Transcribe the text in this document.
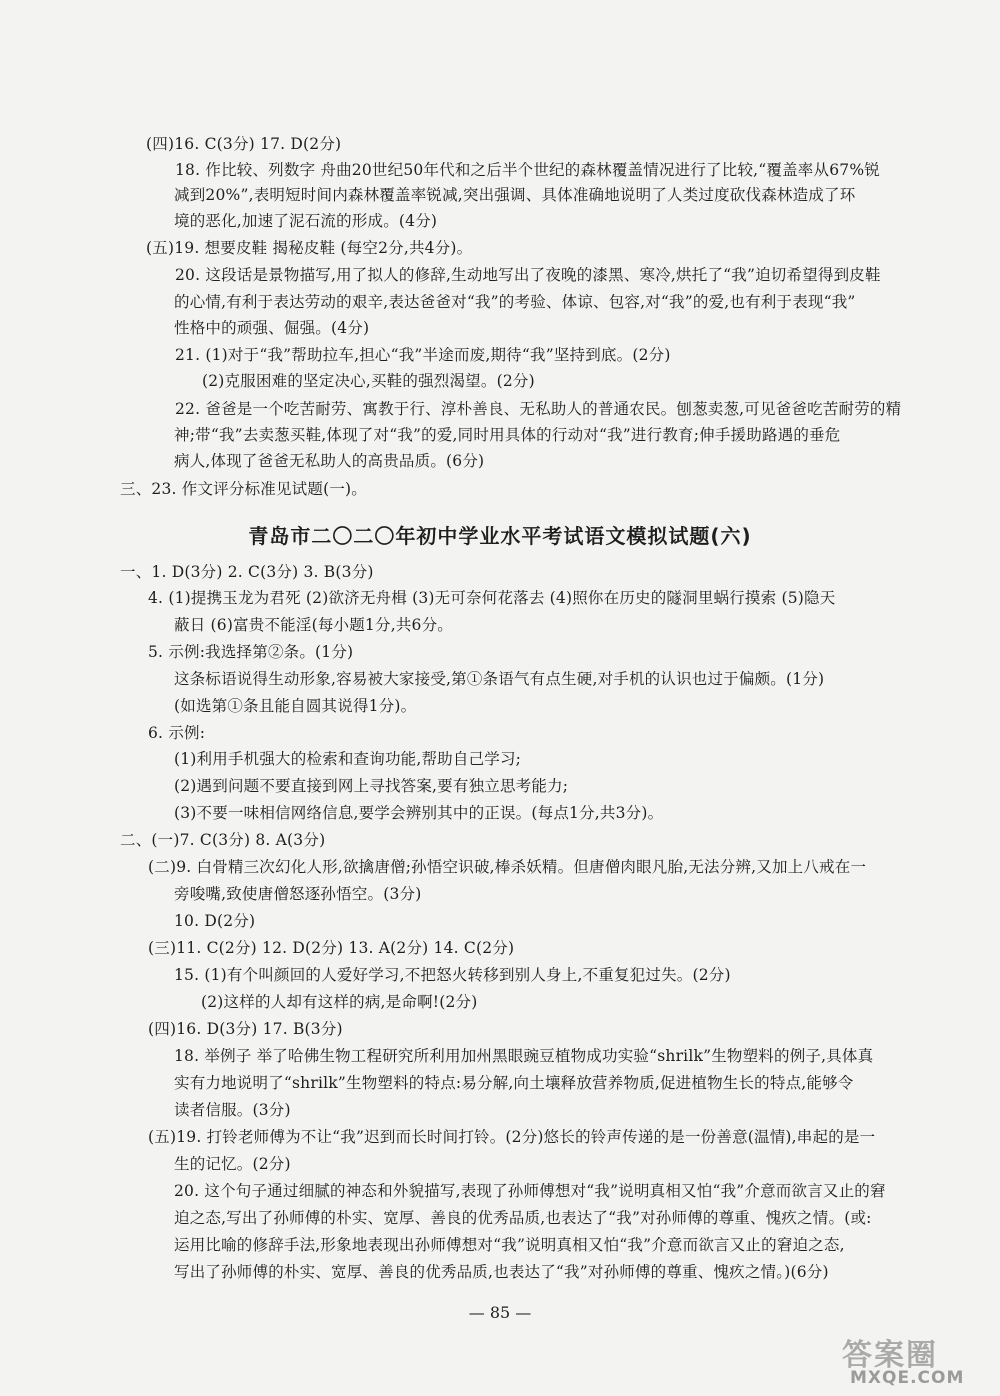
(四)16. C(3分) 17. D(2分)
18. 作比较、列数字 舟曲20世纪50年代和之后半个世纪的森林覆盖情况进行了比较,“覆盖率从67%锐
减到20%”,表明短时间内森林覆盖率锐减,突出强调、具体准确地说明了人类过度砍伐森林造成了环
境的恶化,加速了泥石流的形成。(4分)
(五)19. 想要皮鞋 揭秘皮鞋 (每空2分,共4分)。
20. 这段话是景物描写,用了拟人的修辞,生动地写出了夜晚的漆黑、寒冷,烘托了“我”迫切希望得到皮鞋
的心情,有利于表达劳动的艰辛,表达爸爸对“我”的考验、体谅、包容,对“我”的爱,也有利于表现“我”
性格中的顽强、倔强。(4分)
21. (1)对于“我”帮助拉车,担心“我”半途而废,期待“我”坚持到底。(2分)
(2)克服困难的坚定决心,买鞋的强烈渴望。(2分)
22. 爸爸是一个吃苦耐劳、寓教于行、淳朴善良、无私助人的普通农民。刨葱卖葱,可见爸爸吃苦耐劳的精
神;带“我”去卖葱买鞋,体现了对“我”的爱,同时用具体的行动对“我”进行教育;伸手援助路遇的垂危
病人,体现了爸爸无私助人的高贵品质。(6分)
三、23. 作文评分标准见试题(一)。
青岛市二〇二〇年初中学业水平考试语文模拟试题(六)
一、1. D(3分) 2. C(3分) 3. B(3分)
4. (1)提携玉龙为君死 (2)欲济无舟楫 (3)无可奈何花落去 (4)照你在历史的隧洞里蜗行摸索 (5)隐天
蔽日 (6)富贵不能淫(每小题1分,共6分。
5. 示例:我选择第②条。(1分)
这条标语说得生动形象,容易被大家接受,第①条语气有点生硬,对手机的认识也过于偏颇。(1分)
(如选第①条且能自圆其说得1分)。
6. 示例:
(1)利用手机强大的检索和查询功能,帮助自己学习;
(2)遇到问题不要直接到网上寻找答案,要有独立思考能力;
(3)不要一味相信网络信息,要学会辨别其中的正误。(每点1分,共3分)。
二、(一)7. C(3分) 8. A(3分)
(二)9. 白骨精三次幻化人形,欲擒唐僧;孙悟空识破,棒杀妖精。但唐僧肉眼凡胎,无法分辨,又加上八戒在一
旁唆嘴,致使唐僧怒逐孙悟空。(3分)
10. D(2分)
(三)11. C(2分) 12. D(2分) 13. A(2分) 14. C(2分)
15. (1)有个叫颜回的人爱好学习,不把怒火转移到别人身上,不重复犯过失。(2分)
(2)这样的人却有这样的病,是命啊!(2分)
(四)16. D(3分) 17. B(3分)
18. 举例子 举了哈佛生物工程研究所利用加州黑眼豌豆植物成功实验“shrilk”生物塑料的例子,具体真
实有力地说明了“shrilk”生物塑料的特点:易分解,向土壤释放营养物质,促进植物生长的特点,能够令
读者信服。(3分)
(五)19. 打铃老师傅为不让“我”迟到而长时间打铃。(2分)悠长的铃声传递的是一份善意(温情),串起的是一
生的记忆。(2分)
20. 这个句子通过细腻的神态和外貌描写,表现了孙师傅想对“我”说明真相又怕“我”介意而欲言又止的窘
迫之态,写出了孙师傅的朴实、宽厚、善良的优秀品质,也表达了“我”对孙师傅的尊重、愧疚之情。(或:
运用比喻的修辞手法,形象地表现出孙师傅想对“我”说明真相又怕“我”介意而欲言又止的窘迫之态,
写出了孙师傅的朴实、宽厚、善良的优秀品质,也表达了“我”对孙师傅的尊重、愧疚之情。)(6分)
— 85 —
答案圈
MXQE.COM
